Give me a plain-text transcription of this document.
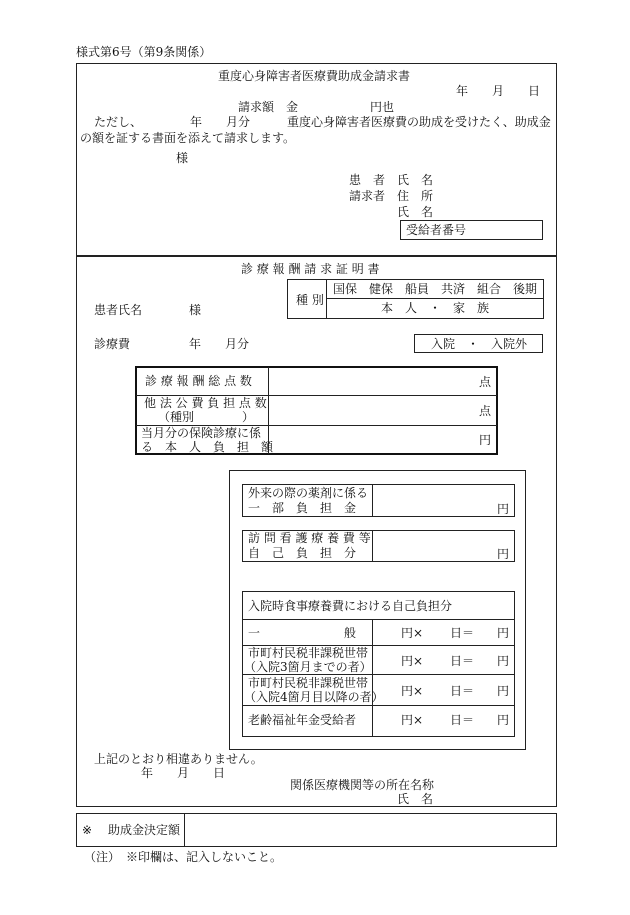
様式第6号（第9条関係）
重度心身障害者医療費助成金請求書
年　　月　　日
請求額　金	円也
ただし、	年　　月分	重度心身障害者医療費の助成を受けたく、助成金
の額を証する書面を添えて請求します。
様
患　者　氏　名
請求者　住　所
氏　名
受給者番号
診 療 報 酬 請 求 証 明 書
種 別
国保　健保　船員　共済　組合　後期
本　人　・　家　族
患者氏名	様
診療費	年　　月分	入院　・　入院外
診 療 報 酬 総 点 数	点
他 法 公 費 負 担 点 数
（種別　　　　）	点
当月分の保険診療に係
る　本　人　負　担　額	円
外来の際の薬剤に係る
一　部　負　担　金	円
訪 問 看 護 療 養 費 等
自　己　負　担　分	円
入院時食事療養費における自己負担分
一　　　　　　　般	円× 日＝ 円
市町村民税非課税世帯
（入院3箇月までの者） 円× 日＝ 円
市町村民税非課税世帯
（入院4箇月目以降の者） 円× 日＝ 円
老齢福祉年金受給者	円× 日＝ 円
上記のとおり相違ありません。
年　　月　　日
関係医療機関等の所在名称
氏　名
※ 助成金決定額
（注）　※印欄は、記入しないこと。
